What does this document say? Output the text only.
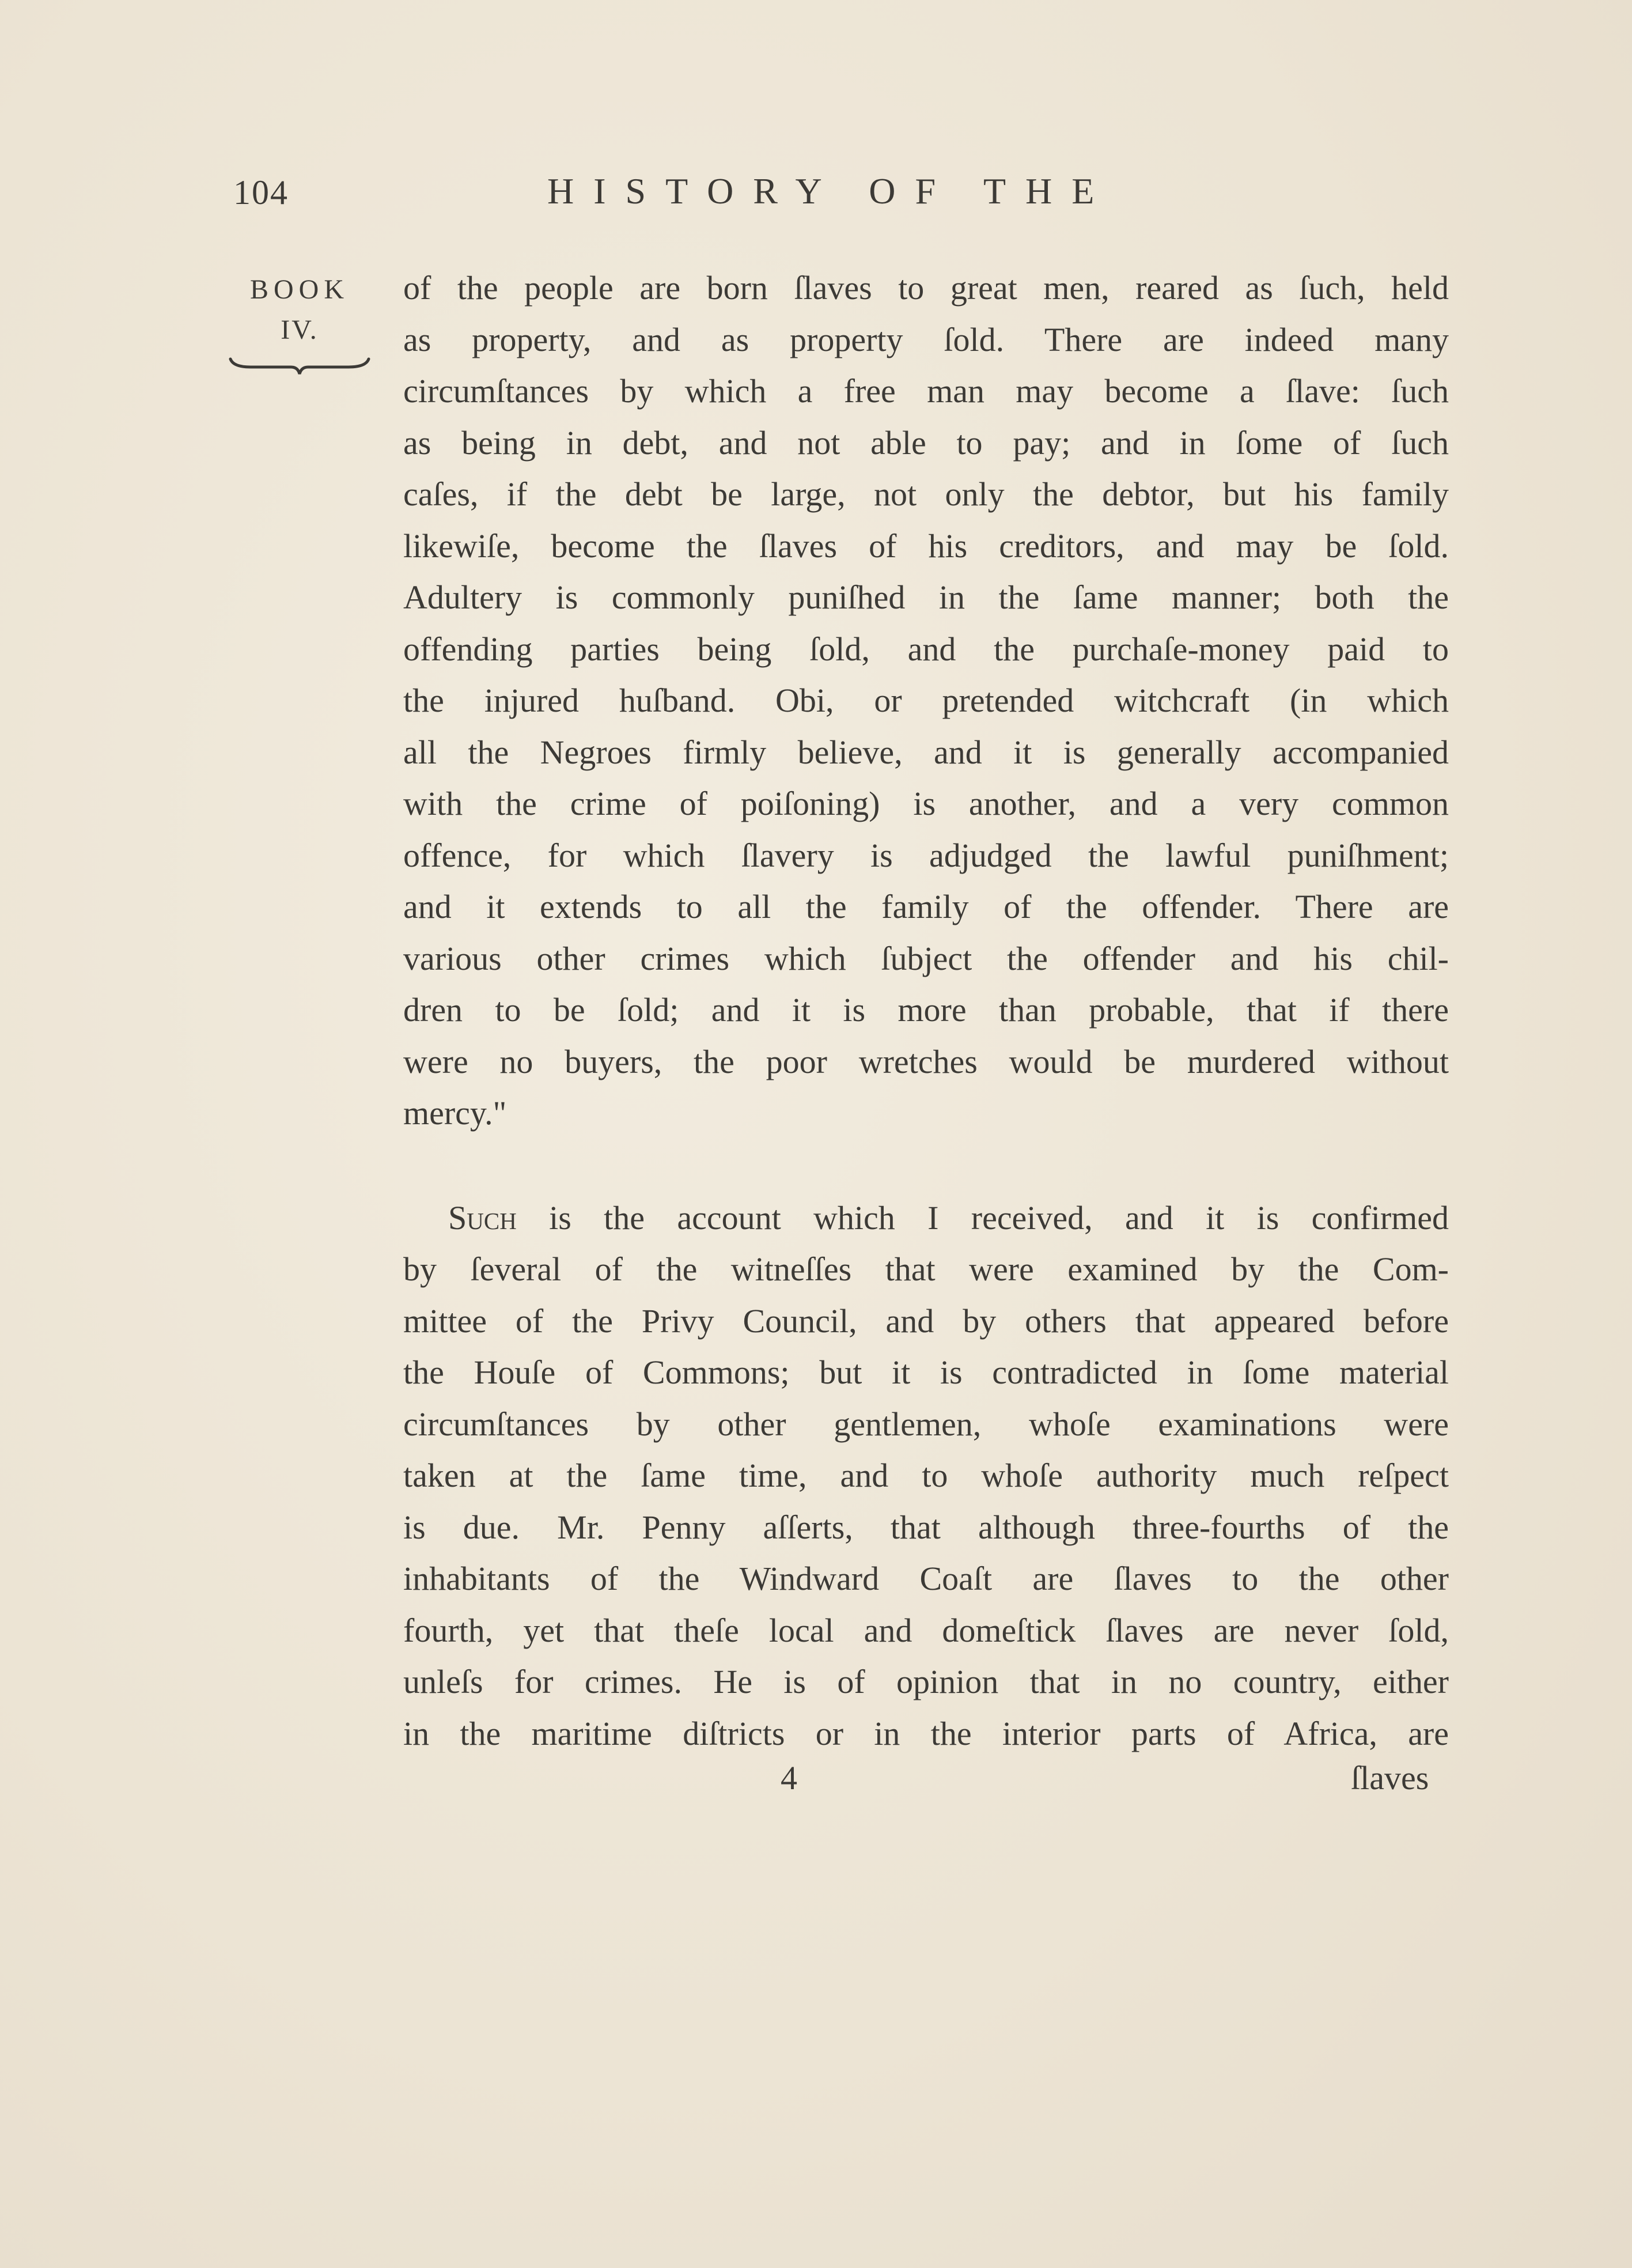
104	HISTORY OF THE
BOOK
IV.
of the people are born ſlaves to great men, reared as ſuch, held
as property, and as property ſold. There are indeed many
circumſtances by which a free man may become a ſlave: ſuch
as being in debt, and not able to pay; and in ſome of ſuch
caſes, if the debt be large, not only the debtor, but his family
likewiſe, become the ſlaves of his creditors, and may be ſold.
Adultery is commonly puniſhed in the ſame manner; both the
offending parties being ſold, and the purchaſe-money paid to
the injured huſband. Obi, or pretended witchcraft (in which
all the Negroes firmly believe, and it is generally accompanied
with the crime of poiſoning) is another, and a very common
offence, for which ſlavery is adjudged the lawful puniſhment;
and it extends to all the family of the offender. There are
various other crimes which ſubject the offender and his chil-
dren to be ſold; and it is more than probable, that if there
were no buyers, the poor wretches would be murdered without
mercy."
Such is the account which I received, and it is confirmed
by ſeveral of the witneſſes that were examined by the Com-
mittee of the Privy Council, and by others that appeared before
the Houſe of Commons; but it is contradicted in ſome material
circumſtances by other gentlemen, whoſe examinations were
taken at the ſame time, and to whoſe authority much reſpect
is due. Mr. Penny aſſerts, that although three-fourths of the
inhabitants of the Windward Coaſt are ſlaves to the other
fourth, yet that theſe local and domeſtick ſlaves are never ſold,
unleſs for crimes. He is of opinion that in no country, either
in the maritime diſtricts or in the interior parts of Africa, are
4	ſlaves
